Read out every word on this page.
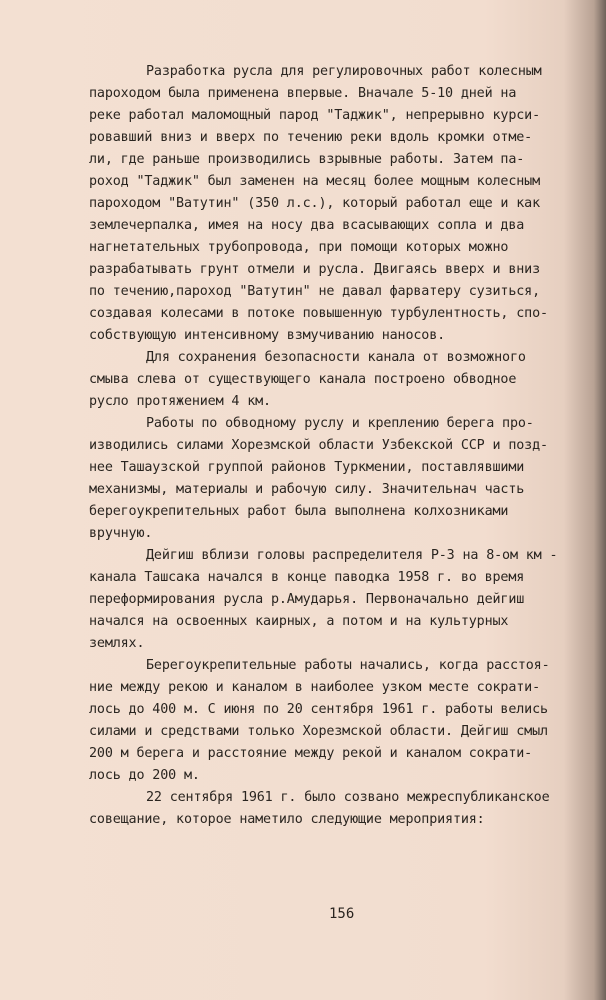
Разработка русла для регулировочных работ колесным
пароходом была применена впервые. Вначале 5-10 дней на
реке работал маломощный парод "Таджик", непрерывно курси-
ровавший вниз и вверх по течению реки вдоль кромки отме-
ли, где раньше производились взрывные работы. Затем па-
роход "Таджик" был заменен на месяц более мощным колесным
пароходом "Ватутин" (350 л.с.), который работал еще и как
землечерпалка, имея на носу два всасывающих сопла и два
нагнетательных трубопровода, при помощи которых можно
разрабатывать грунт отмели и русла. Двигаясь вверх и вниз
по течению,пароход "Ватутин" не давал фарватеру сузиться,
создавая колесами в потоке повышенную турбулентность, спо-
собствующую интенсивному взмучиванию наносов.
Для сохранения безопасности канала от возможного
смыва слева от существующего канала построено обводное
русло протяжением 4 км.
Работы по обводному руслу и креплению берега про-
изводились силами Хорезмской области Узбекской ССР и позд-
нее Ташаузской группой районов Туркмении, поставлявшими
механизмы, материалы и рабочую силу. Значительнач часть
берегоукрепительных работ была выполнена колхозниками
вручную.
Дейгиш вблизи головы распределителя Р-3 на 8-ом км -
канала Ташсака начался в конце паводка 1958 г. во время
переформирования русла р.Амударья. Первоначально дейгиш
начался на освоенных каирных, а потом и на культурных
землях.
Берегоукрепительные работы начались, когда расстоя-
ние между рекою и каналом в наиболее узком месте сократи-
лось до 400 м. С июня по 20 сентября 1961 г. работы велись
силами и средствами только Хорезмской области. Дейгиш смыл
200 м берега и расстояние между рекой и каналом сократи-
лось до 200 м.
22 сентября 1961 г. было созвано межреспубликанское
совещание, которое наметило следующие мероприятия:
156
